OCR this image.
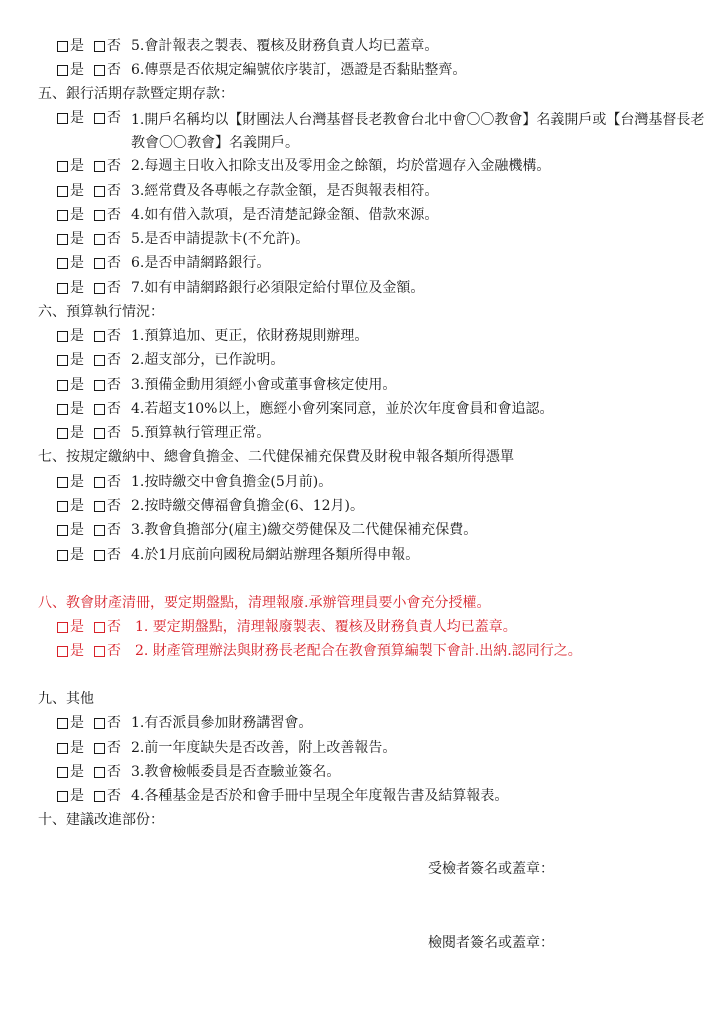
是 否 5.會計報表之製表、覆核及財務負責人均已蓋章。
是 否 6.傳票是否依規定編號依序裝訂，憑證是否黏貼整齊。
五、銀行活期存款暨定期存款：
是 否 1.開戶名稱均以【財團法人台灣基督長老教會台北中會〇〇教會】名義開戶或【台灣基督長老教會〇〇教會】名義開戶。
是 否 2.每週主日收入扣除支出及零用金之餘額，均於當週存入金融機構。
是 否 3.經常費及各專帳之存款金額，是否與報表相符。
是 否 4.如有借入款項，是否清楚記錄金額、借款來源。
是 否 5.是否申請提款卡(不允許)。
是 否 6.是否申請網路銀行。
是 否 7.如有申請網路銀行必須限定給付單位及金額。
六、預算執行情況：
是 否 1.預算追加、更正，依財務規則辦理。
是 否 2.超支部分，已作說明。
是 否 3.預備金動用須經小會或董事會核定使用。
是 否 4.若超支10%以上，應經小會列案同意，並於次年度會員和會追認。
是 否 5.預算執行管理正常。
七、按規定繳納中、總會負擔金、二代健保補充保費及財稅申報各類所得憑單
是 否 1.按時繳交中會負擔金(5月前)。
是 否 2.按時繳交傳福會負擔金(6、12月)。
是 否 3.教會負擔部分(雇主)繳交勞健保及二代健保補充保費。
是 否 4.於1月底前向國稅局網站辦理各類所得申報。
八、教會財產清冊，要定期盤點，清理報廢.承辦管理員要小會充分授權。
是 否 1. 要定期盤點，清理報廢製表、覆核及財務負責人均已蓋章。
是 否 2. 財產管理辦法與財務長老配合在教會預算編製下會計.出納.認同行之。
九、其他
是 否 1.有否派員參加財務講習會。
是 否 2.前一年度缺失是否改善，附上改善報告。
是 否 3.教會檢帳委員是否查驗並簽名。
是 否 4.各種基金是否於和會手冊中呈現全年度報告書及結算報表。
十、建議改進部份：
受檢者簽名或蓋章：
檢閱者簽名或蓋章：
